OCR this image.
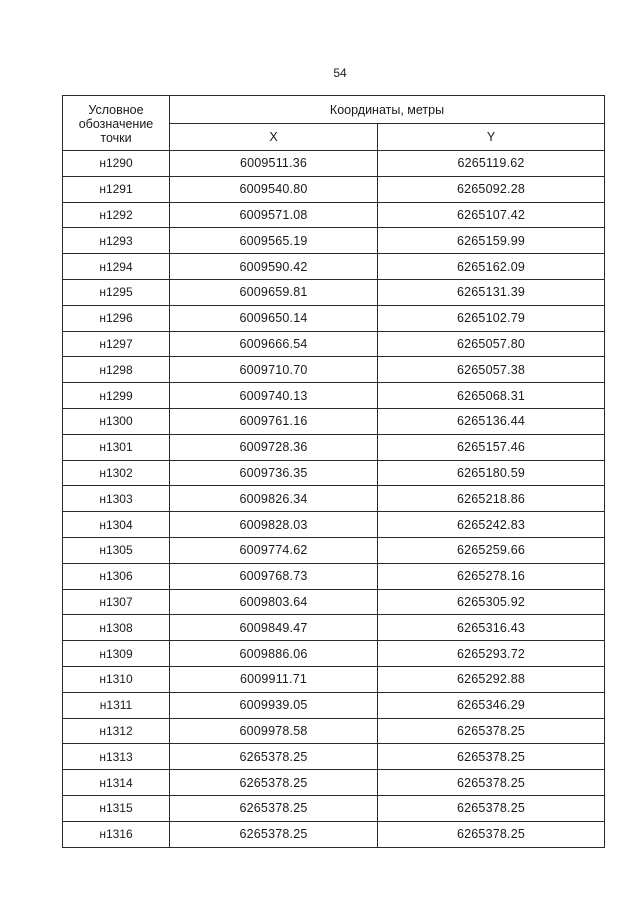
54
Условное обозначение точки	Координаты, метры	
	X	Y
н1290	6009511.36	6265119.62
н1291	6009540.80	6265092.28
н1292	6009571.08	6265107.42
н1293	6009565.19	6265159.99
н1294	6009590.42	6265162.09
н1295	6009659.81	6265131.39
н1296	6009650.14	6265102.79
н1297	6009666.54	6265057.80
н1298	6009710.70	6265057.38
н1299	6009740.13	6265068.31
н1300	6009761.16	6265136.44
н1301	6009728.36	6265157.46
н1302	6009736.35	6265180.59
н1303	6009826.34	6265218.86
н1304	6009828.03	6265242.83
н1305	6009774.62	6265259.66
н1306	6009768.73	6265278.16
н1307	6009803.64	6265305.92
н1308	6009849.47	6265316.43
н1309	6009886.06	6265293.72
н1310	6009911.71	6265292.88
н1311	6009939.05	6265346.29
н1312	6009978.58	6265378.25
н1313	6265378.25	6265378.25
н1314	6265378.25	6265378.25
н1315	6265378.25	6265378.25
н1316	6265378.25	6265378.25
